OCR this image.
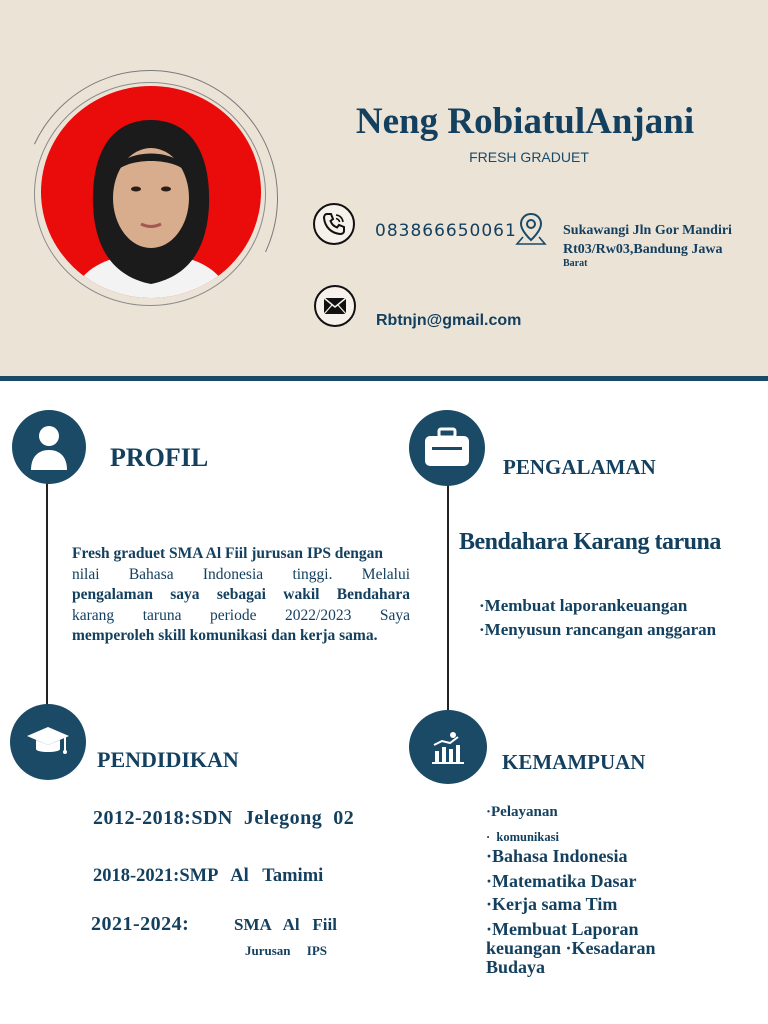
Neng RobiatulAnjani
FRESH GRADUET
083866650061	Sukawangi Jln Gor Mandiri Rt03/Rw03,Bandung Jawa
Barat
Rbtnjn@gmail.com
PROFIL
Fresh graduet SMA Al Fiil jurusan IPS dengan
nilai Bahasa Indonesia tinggi. Melalui
pengalaman saya sebagai wakil Bendahara
karang taruna periode 2022/2023 Saya
memperoleh skill komunikasi dan kerja sama.
PENGALAMAN
Bendahara Karang taruna
·Membuat laporankeuangan
·Menyusun rancangan anggaran
PENDIDIKAN
2012-2018:SDN  Jelegong  02
2018-2021:SMP   Al   Tamimi
2021-2024:	SMA   Al   Fiil
Jurusan     IPS
KEMAMPUAN
·Pelayanan
·  komunikasi
·Bahasa Indonesia
·Matematika Dasar
·Kerja sama Tim
·Membuat Laporan
keuangan ·Kesadaran
Budaya
